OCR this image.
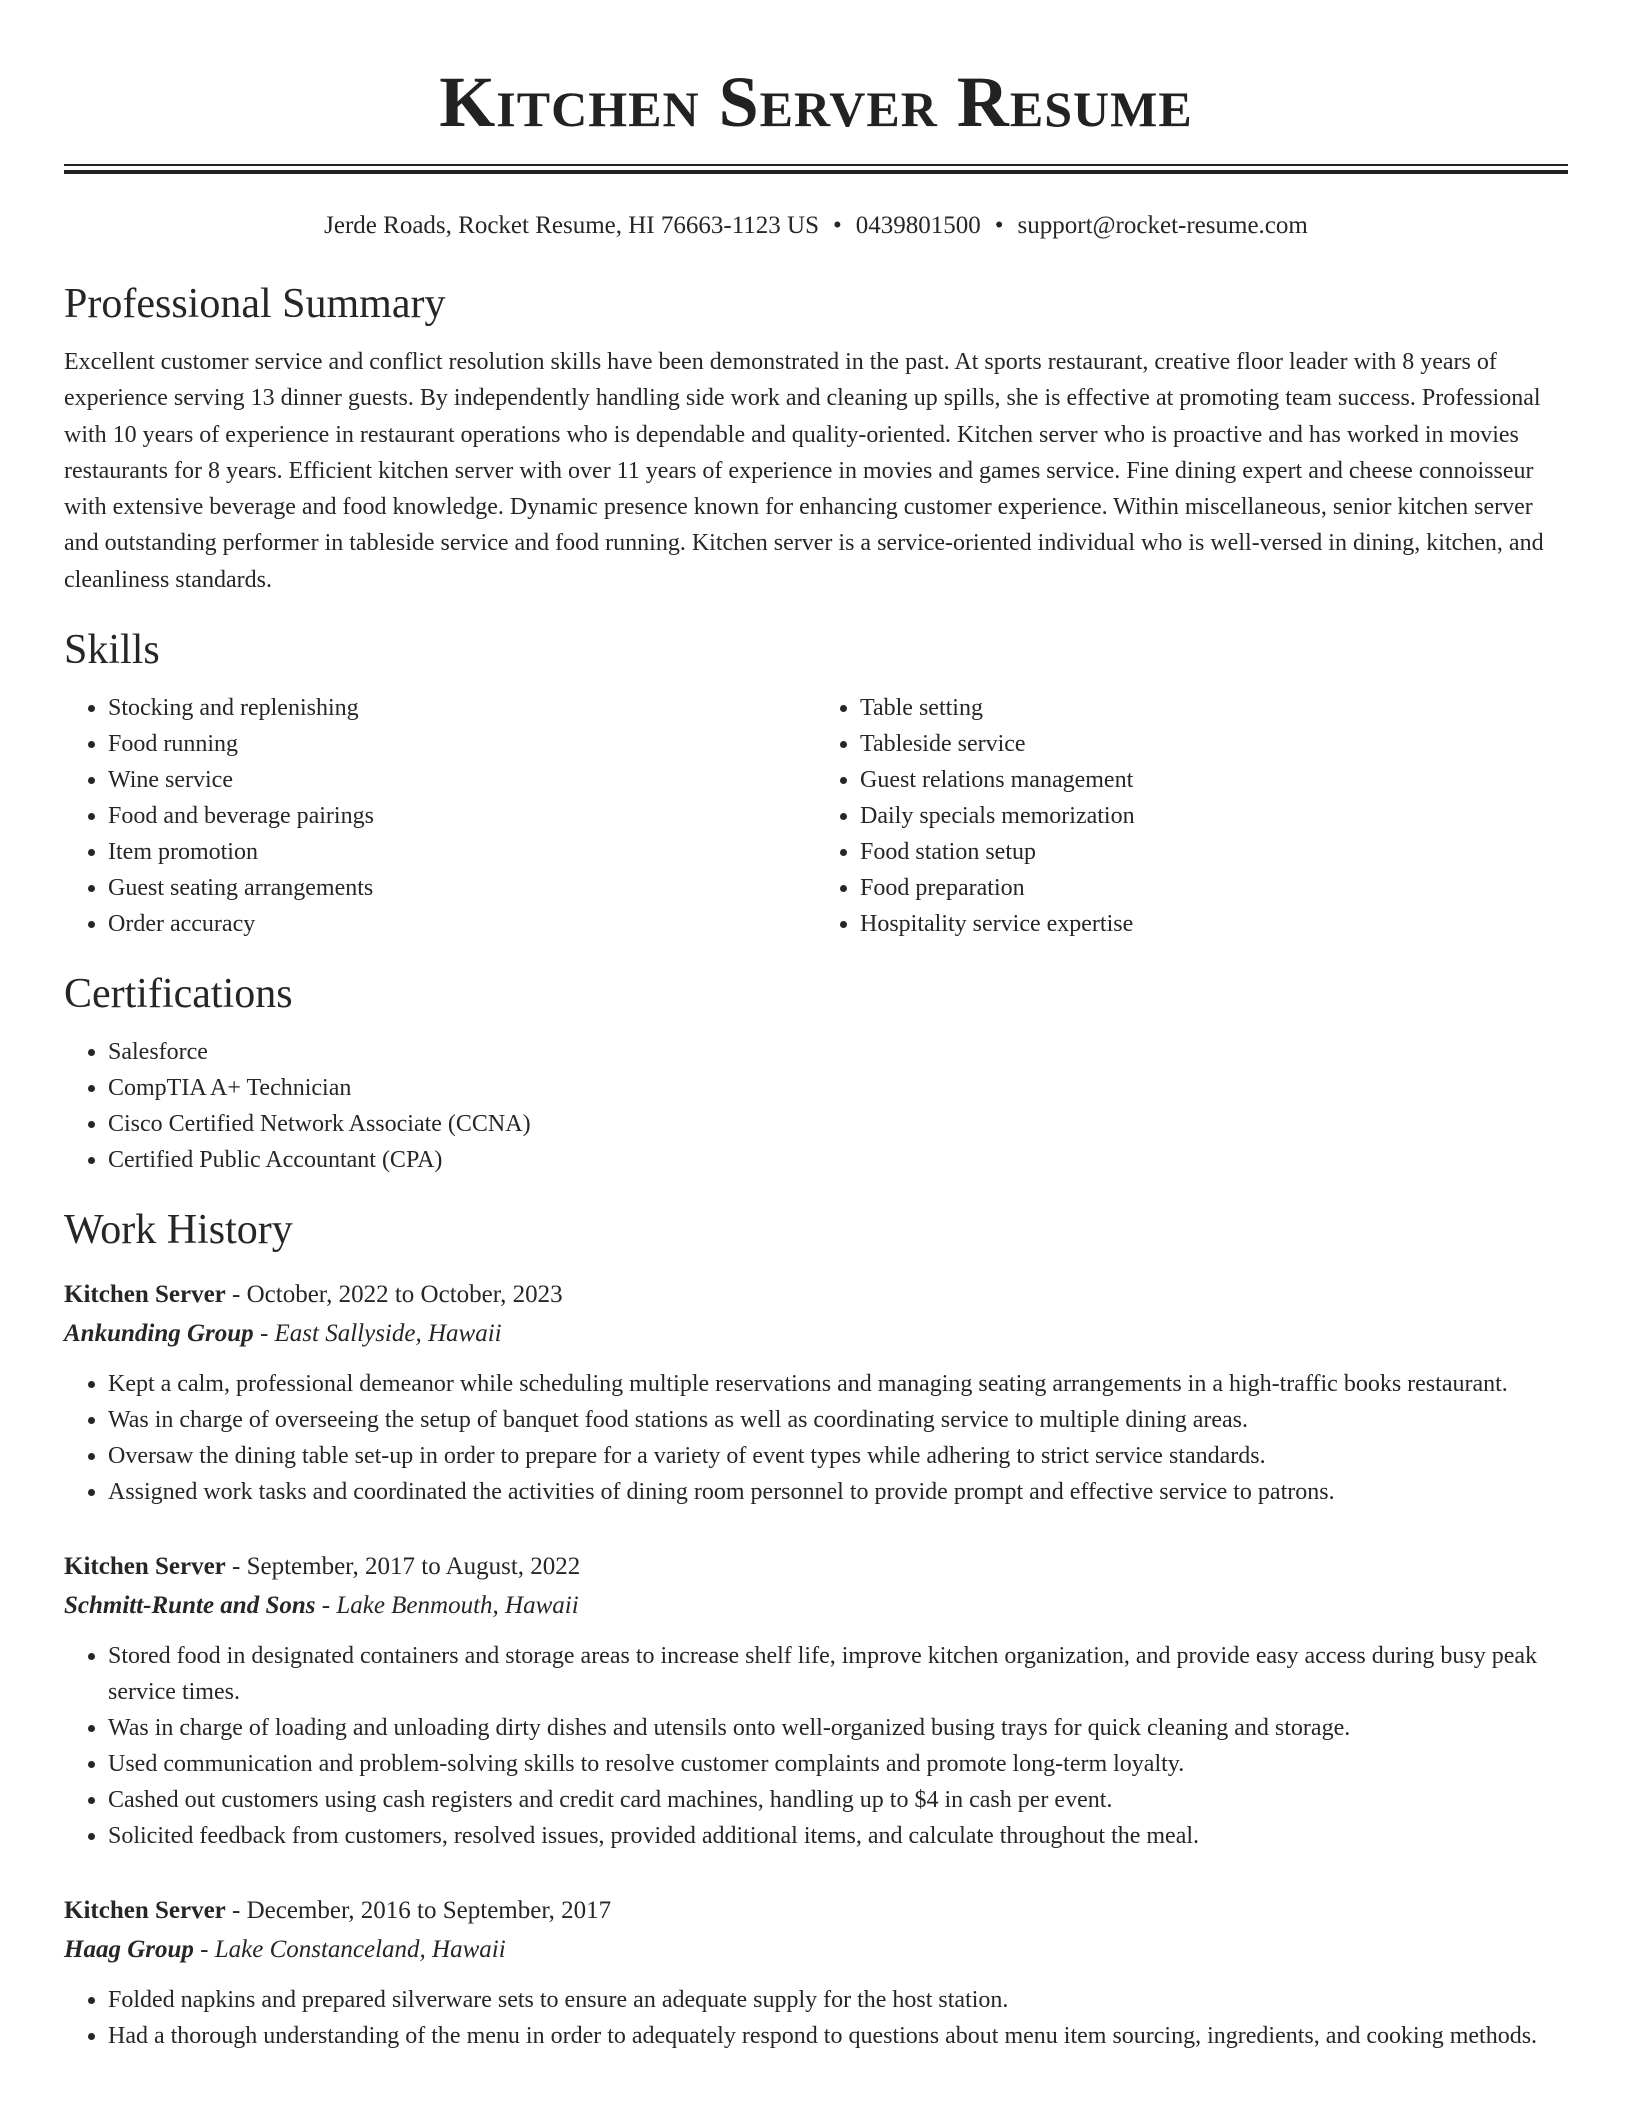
Kitchen Server Resume
Jerde Roads, Rocket Resume, HI 76663-1123 US • 0439801500 • support@rocket-resume.com
Professional Summary

Excellent customer service and conflict resolution skills have been demonstrated in the past. At sports restaurant, creative floor leader with 8 years of experience serving 13 dinner guests. By independently handling side work and cleaning up spills, she is effective at promoting team success. Professional with 10 years of experience in restaurant operations who is dependable and quality-oriented. Kitchen server who is proactive and has worked in movies restaurants for 8 years. Efficient kitchen server with over 11 years of experience in movies and games service. Fine dining expert and cheese connoisseur with extensive beverage and food knowledge. Dynamic presence known for enhancing customer experience. Within miscellaneous, senior kitchen server and outstanding performer in tableside service and food running. Kitchen server is a service-oriented individual who is well-versed in dining, kitchen, and cleanliness standards.

Skills
• Stocking and replenishing
• Food running
• Wine service
• Food and beverage pairings
• Item promotion
• Guest seating arrangements
• Order accuracy
• Table setting
• Tableside service
• Guest relations management
• Daily specials memorization
• Food station setup
• Food preparation
• Hospitality service expertise
Certifications
• Salesforce
• CompTIA A+ Technician
• Cisco Certified Network Associate (CCNA)
• Certified Public Accountant (CPA)
Work History
Kitchen Server - October, 2022 to October, 2023
Ankunding Group - East Sallyside, Hawaii
• Kept a calm, professional demeanor while scheduling multiple reservations and managing seating arrangements in a high-traffic books restaurant.
• Was in charge of overseeing the setup of banquet food stations as well as coordinating service to multiple dining areas.
• Oversaw the dining table set-up in order to prepare for a variety of event types while adhering to strict service standards.
• Assigned work tasks and coordinated the activities of dining room personnel to provide prompt and effective service to patrons.
Kitchen Server - September, 2017 to August, 2022
Schmitt-Runte and Sons - Lake Benmouth, Hawaii
• Stored food in designated containers and storage areas to increase shelf life, improve kitchen organization, and provide easy access during busy peak service times.
• Was in charge of loading and unloading dirty dishes and utensils onto well-organized busing trays for quick cleaning and storage.
• Used communication and problem-solving skills to resolve customer complaints and promote long-term loyalty.
• Cashed out customers using cash registers and credit card machines, handling up to $4 in cash per event.
• Solicited feedback from customers, resolved issues, provided additional items, and calculate throughout the meal.
Kitchen Server - December, 2016 to September, 2017
Haag Group - Lake Constanceland, Hawaii
• Folded napkins and prepared silverware sets to ensure an adequate supply for the host station.
• Had a thorough understanding of the menu in order to adequately respond to questions about menu item sourcing, ingredients, and cooking methods.
